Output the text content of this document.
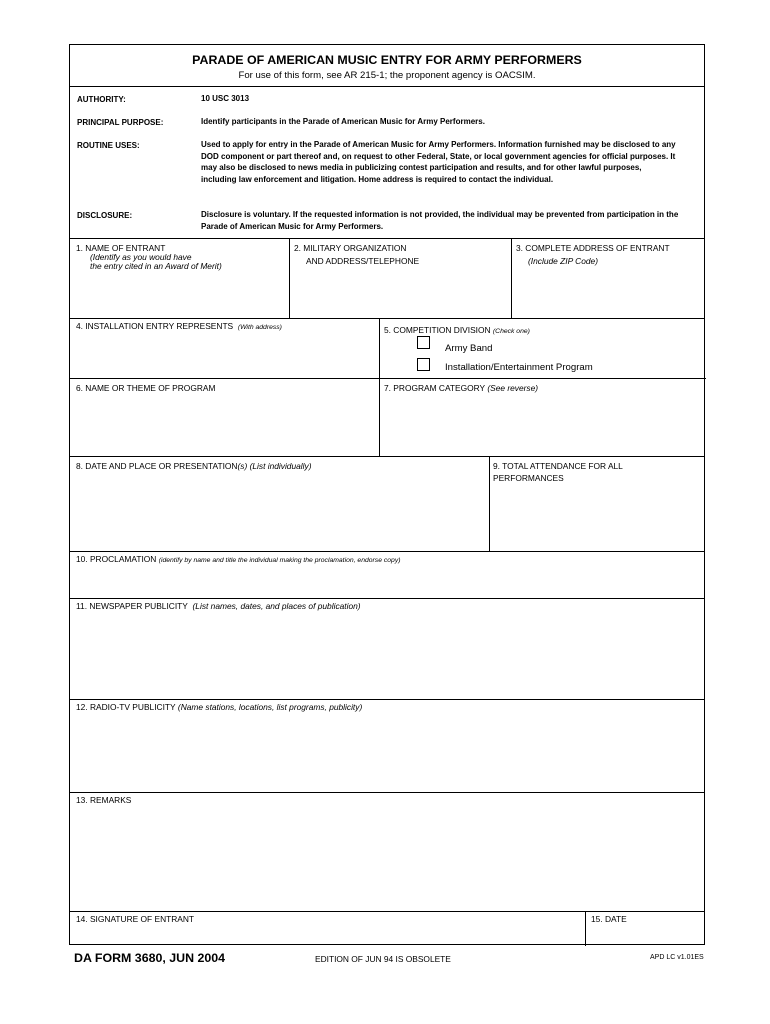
PARADE OF AMERICAN MUSIC ENTRY FOR ARMY PERFORMERS
For use of this form, see AR 215-1; the proponent agency is OACSIM.
AUTHORITY:	10 USC 3013
PRINCIPAL PURPOSE:	Identify participants in the Parade of American Music for Army Performers.
ROUTINE USES:	Used to apply for entry in the Parade of American Music for Army Performers. Information furnished may be disclosed to any DOD component or part thereof and, on request to other Federal, State, or local government agencies for official purposes. It may also be disclosed to news media in publicizing contest participation and results, and for other lawful purposes, including law enforcement and litigation. Home address is required to contact the individual.
DISCLOSURE:	Disclosure is voluntary. If the requested information is not provided, the individual may be prevented from participation in the Parade of American Music for Army Performers.
1. NAME OF ENTRANT
(Identify as you would have
the entry cited in an Award of Merit)
2. MILITARY ORGANIZATION
AND ADDRESS/TELEPHONE
3. COMPLETE ADDRESS OF ENTRANT
(Include ZIP Code)
4. INSTALLATION ENTRY REPRESENTS (With address)	5. COMPETITION DIVISION (Check one)
Army Band
Installation/Entertainment Program
6. NAME OR THEME OF PROGRAM	7. PROGRAM CATEGORY (See reverse)
8. DATE AND PLACE OR PRESENTATION(s) (List individually)	9. TOTAL ATTENDANCE FOR ALL
PERFORMANCES
10. PROCLAMATION (identify by name and title the individual making the proclamation, endorse copy)
11. NEWSPAPER PUBLICITY (List names, dates, and places of publication)
12. RADIO-TV PUBLICITY (Name stations, locations, list programs, publicity)
13. REMARKS
14. SIGNATURE OF ENTRANT	15. DATE
DA FORM 3680, JUN 2004	EDITION OF JUN 94 IS OBSOLETE	APD LC v1.01ES
